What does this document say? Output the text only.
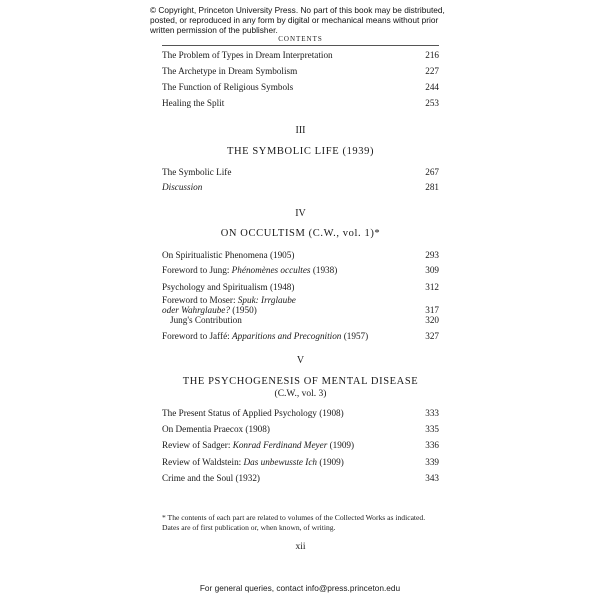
© Copyright, Princeton University Press. No part of this book may be distributed, posted, or reproduced in any form by digital or mechanical means without prior written permission of the publisher.
CONTENTS
The Problem of Types in Dream Interpretation	216
The Archetype in Dream Symbolism	227
The Function of Religious Symbols	244
Healing the Split	253
III
THE SYMBOLIC LIFE (1939)
The Symbolic Life	267
Discussion	281
IV
ON OCCULTISM (C.W., vol. 1)*
On Spiritualistic Phenomena (1905)	293
Foreword to Jung: Phénomènes occultes (1938)	309
Psychology and Spiritualism (1948)	312
Foreword to Moser: Spuk: Irrglaube
oder Wahrglaube? (1950)	317
Jung's Contribution	320
Foreword to Jaffé: Apparitions and Precognition (1957)	327
V
THE PSYCHOGENESIS OF MENTAL DISEASE
(C.W., vol. 3)
The Present Status of Applied Psychology (1908)	333
On Dementia Praecox (1908)	335
Review of Sadger: Konrad Ferdinand Meyer (1909)	336
Review of Waldstein: Das unbewusste Ich (1909)	339
Crime and the Soul (1932)	343
* The contents of each part are related to volumes of the Collected Works as indicated. Dates are of first publication or, when known, of writing.
xii
For general queries, contact info@press.princeton.edu
